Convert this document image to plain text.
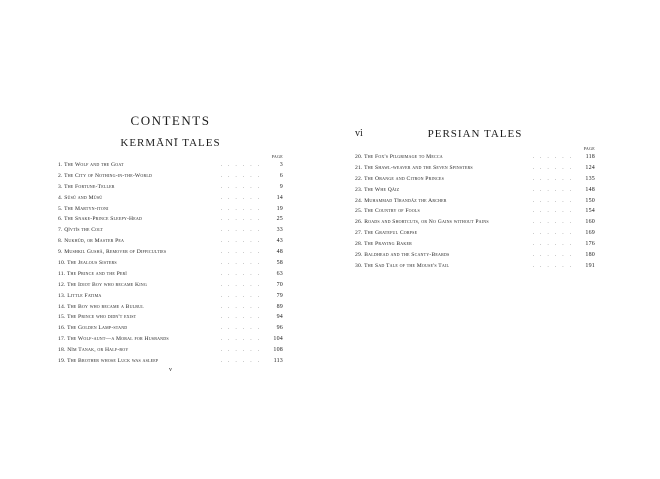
CONTENTS
KERMĀNĪ TALES
PAGE
1. The Wolf and the Goat	......	3
2. The City of Nothing-in-the-World	......	6
3. The Fortune-Teller	......	9
4. Sūsū and Mūsū	......	14
5. The Martyn-itoni	......	19
6. The Snake-Prince Sleepy-Head	......	25
7. Qīvtīs the Colt	......	33
8. Nukhūd, or Master Pea	......	43
9. Mushkil Gushā, Remover of Difficulties	......	48
10. The Jealous Sisters	......	58
11. The Prince and the Perī	......	63
12. The Idiot Boy who became King	......	70
13. Little Fatima	......	79
14. The Boy who became a Bulbul	......	89
15. The Prince who didn't exist	......	94
16. The Golden Lamp-stand	......	96
17. The Wolf-aunt—a Moral for Husbands	......	104
18. Nīm Tanak, or Half-boy	......	108
19. The Brother whose Luck was asleep	......	113
v
PERSIAN TALES
vi
PAGE
20. The Fox's Pilgrimage to Mecca	......	118
21. The Shawl-weaver and the Seven Spinsters	......	124
22. The Orange and Citron Princes	......	135
23. The Whe Qāiz	......	148
24. Muhammad Tīrandāz the Archer	......	150
25. The Country of Fools	......	154
26. Roads and Shortcuts, or No Gains without Pains	......	160
27. The Grateful Corpse	......	169
28. The Praying Baker	......	176
29. Baldhead and the Scanty-Beards	......	180
30. The Sad Tale of the Mouse's Tail	......	191
